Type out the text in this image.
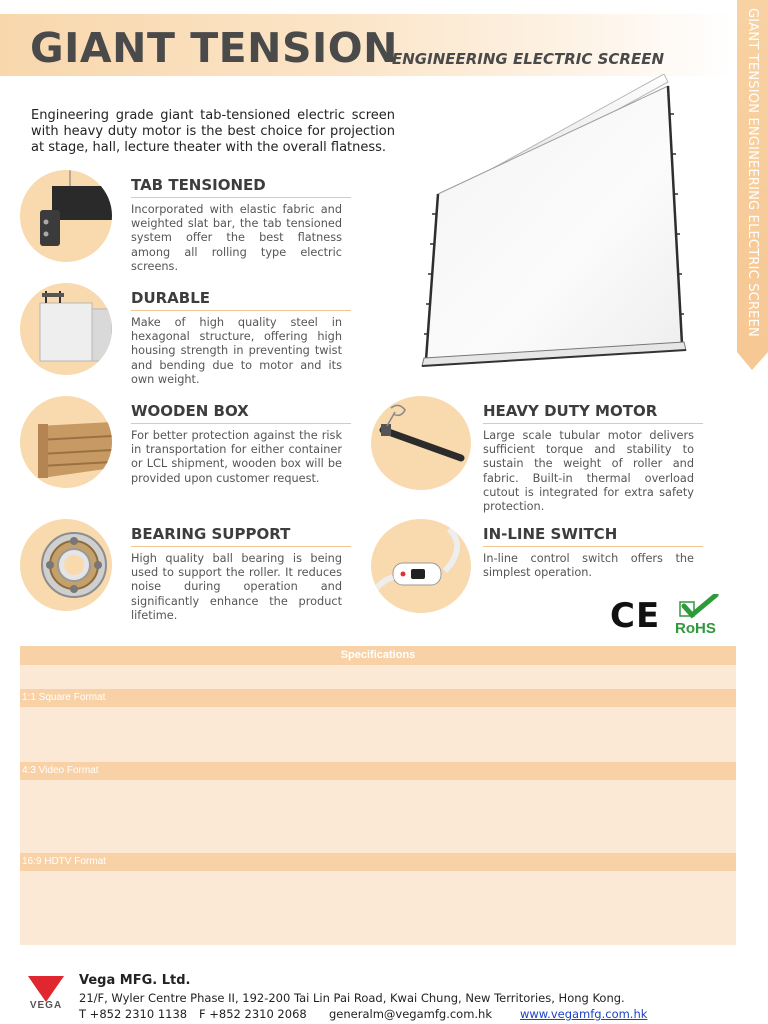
GIANT TENSION
ENGINEERING ELECTRIC SCREEN	GIANT TENSION ENGINEERING ELECTRIC SCREEN

Engineering grade giant tab-tensioned electric screen with heavy duty motor is the best choice for projection at stage, hall, lecture theater with the overall flatness.

TAB TENSIONED
Incorporated with elastic fabric and weighted slat bar, the tab tensioned system offer the best flatness among all rolling type electric screens.
DURABLE
Make of high quality steel in hexagonal structure, offering high housing strength in preventing twist and bending due to motor and its own weight.
WOODEN BOX
For better protection against the risk in transportation for either container or LCL shipment, wooden box will be provided upon customer request.
BEARING SUPPORT
High quality ball bearing is being used to support the roller. It reduces noise during operation and significantly enhance the product lifetime.
HEAVY DUTY MOTOR
Large scale tubular motor delivers sufficient torque and stability to sustain the weight of roller and fabric. Built-in thermal overload cutout is integrated for extra safety protection.
IN-LINE SWITCH
In-line control switch offers the simplest operation.
CE RoHS
Specifications
1:1 Square Format
4:3 Video Format
16:9 HDTV Format
VEGA
Vega MFG. Ltd.
21/F, Wyler Centre Phase II, 192-200 Tai Lin Pai Road, Kwai Chung, New Territories, Hong Kong.
T +852 2310 1138 F +852 2310 2068 generalm@vegamfg.com.hk www.vegamfg.com.hk
